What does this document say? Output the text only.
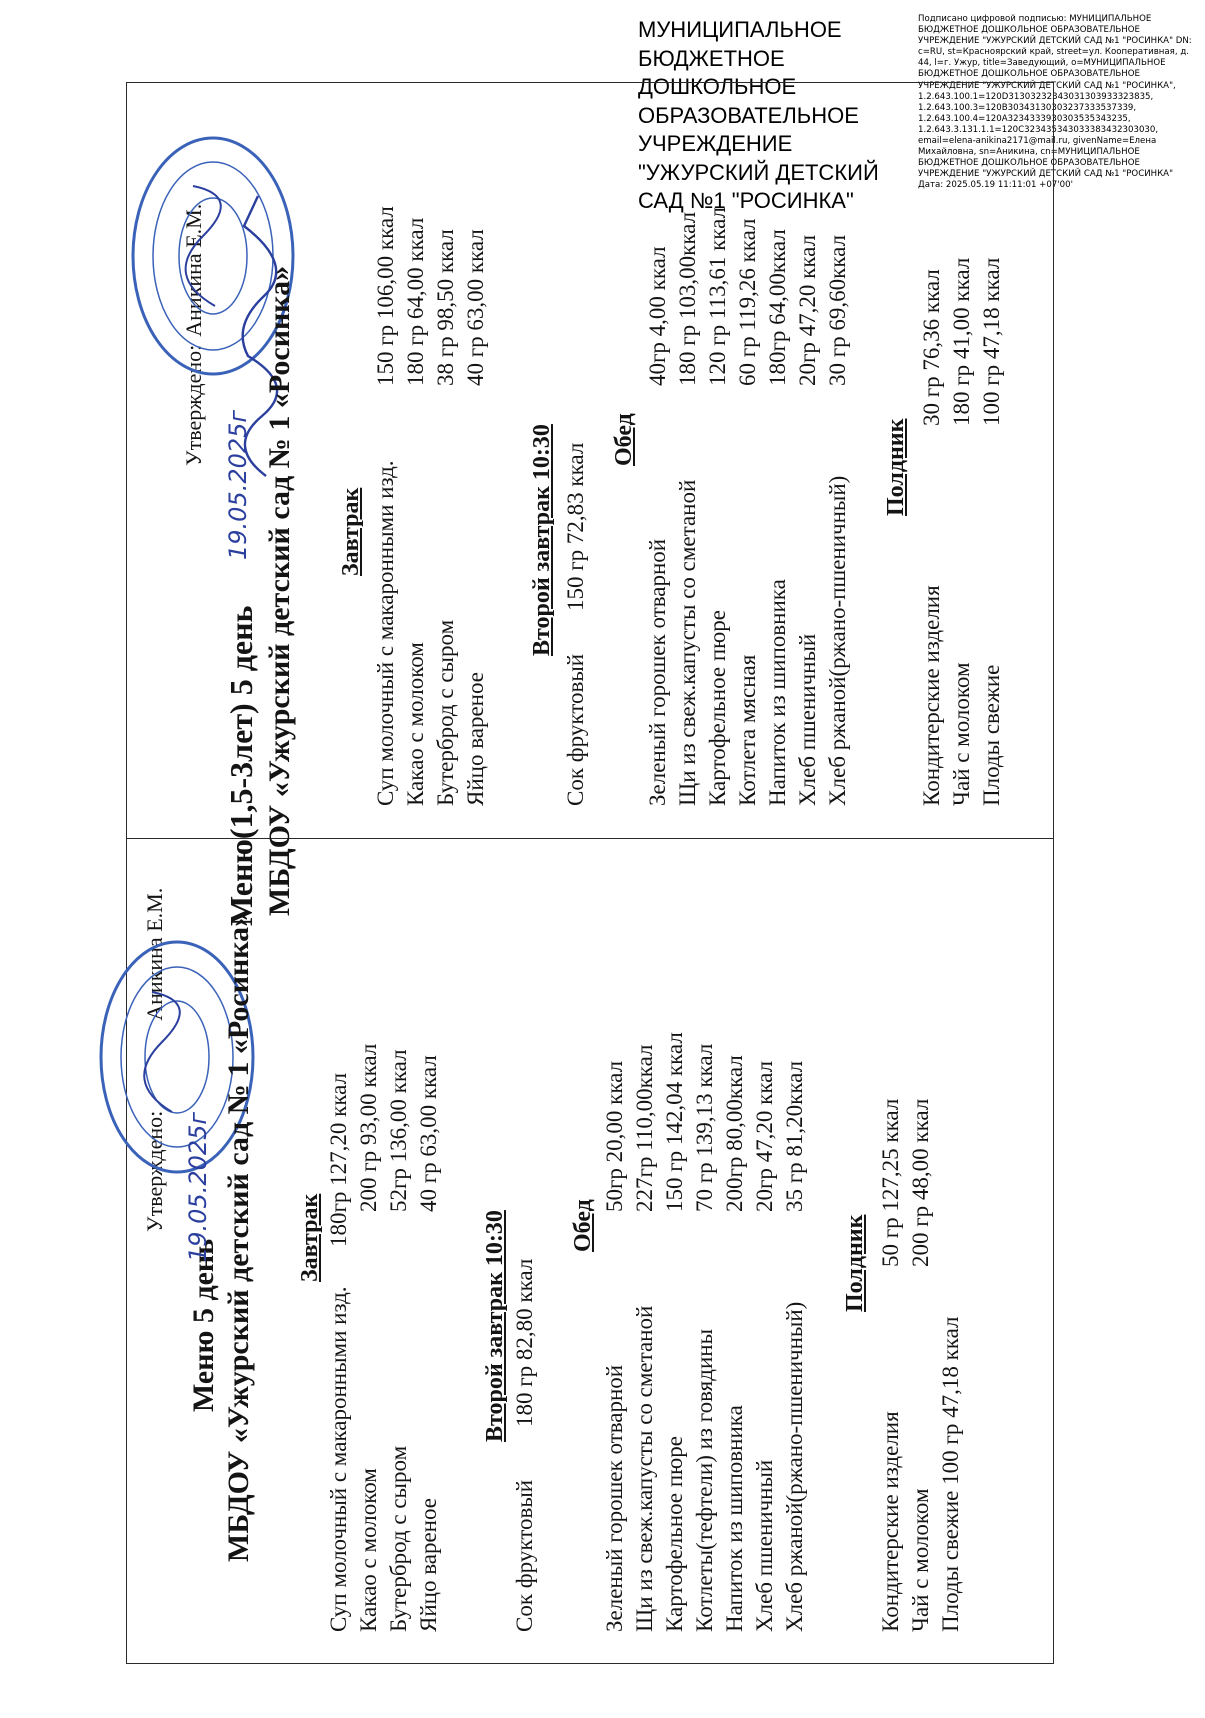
МУНИЦИПАЛЬНОЕ БЮДЖЕТНОЕ ДОШКОЛЬНОЕ ОБРАЗОВАТЕЛЬНОЕ УЧРЕЖДЕНИЕ "УЖУРСКИЙ ДЕТСКИЙ САД №1 "РОСИНКА"
Подписано цифровой подписью: МУНИЦИПАЛЬНОЕ БЮДЖЕТНОЕ ДОШКОЛЬНОЕ ОБРАЗОВАТЕЛЬНОЕ УЧРЕЖДЕНИЕ "УЖУРСКИЙ ДЕТСКИЙ САД №1 "РОСИНКА" DN: c=RU, st=Красноярский край, street=ул. Кооперативная, д. 44, l=г. Ужур, title=Заведующий, o=МУНИЦИПАЛЬНОЕ БЮДЖЕТНОЕ ДОШКОЛЬНОЕ ОБРАЗОВАТЕЛЬНОЕ УЧРЕЖДЕНИЕ "УЖУРСКИЙ ДЕТСКИЙ САД №1 "РОСИНКА", 1.2.643.100.1=120D31303232343031303933323835, 1.2.643.100.3=120B30343130303237333537339, 1.2.643.100.4=120A3234333930303535343235, 1.2.643.3.131.1.1=120C323435343033383432303030, email=elena-anikina2171@mail.ru, givenName=Елена Михайловна, sn=Аникина, cn=МУНИЦИПАЛЬНОЕ БЮДЖЕТНОЕ ДОШКОЛЬНОЕ ОБРАЗОВАТЕЛЬНОЕ УЧРЕЖДЕНИЕ "УЖУРСКИЙ ДЕТСКИЙ САД №1 "РОСИНКА" Дата: 2025.05.19 11:11:01 +07'00'
Утверждено:Аникина Е.М.
Меню(1,5-3лет) 5 день МБДОУ «Ужурский детский сад № 1 «Росинка»
19.05.2025г	Завтрак Суп молочный с макаронными изд.
150 гр 106,00 ккал
Какао с молоком
180 гр 64,00 ккал
Бутерброд с сыром
38 гр 98,50 ккал
Яйцо вареное
40 гр 63,00 ккал
Второй завтрак 10:30
Сок фруктовый
150 гр 72,83 ккал
Обед
Зеленый горошек отварной
40гр 4,00 ккал
Щи из свеж.капусты со сметаной
180 гр 103,00ккал
Картофельное пюре
120 гр 113,61 ккал
Котлета мясная
60 гр 119,26 ккал
Напиток из шиповника
180гр 64,00ккал
Хлеб пшеничный
20гр 47,20 ккал
Хлеб ржаной(ржано-пшеничный)
30 гр 69,60ккал
Полдник
Кондитерские изделия
30 гр 76,36 ккал
Чай с молоком
180 гр 41,00 ккал
Плоды свежие
100 гр 47,18 ккал
Утверждено:Аникина Е.М.
Меню 5 день
19.05.2025г МБДОУ «Ужурский детский сад № 1 «Росинка» Завтрак
Суп молочный с макаронными изд.
180гр 127,20 ккал
Какао с молоком
200 гр 93,00 ккал
Бутерброд с сыром
52гр 136,00 ккал
Яйцо вареное
40 гр 63,00 ккал
Второй завтрак 10:30
Сок фруктовый
180 гр 82,80 ккал
Обед
Зеленый горошек отварной
50гр 20,00 ккал
Щи из свеж.капусты со сметаной
227гр 110,00ккал
Картофельное пюре
150 гр 142,04 ккал
Котлеты(тефтели) из говядины
70 гр 139,13 ккал
Напиток из шиповника
200гр 80,00ккал
Хлеб пшеничный
20гр 47,20 ккал
Хлеб ржаной(ржано-пшеничный)
35 гр 81,20ккал
Полдник
Кондитерские изделия
50 гр 127,25 ккал
Чай с молоком
200 гр 48,00 ккал
Плоды свежие 100 гр 47,18 ккал
